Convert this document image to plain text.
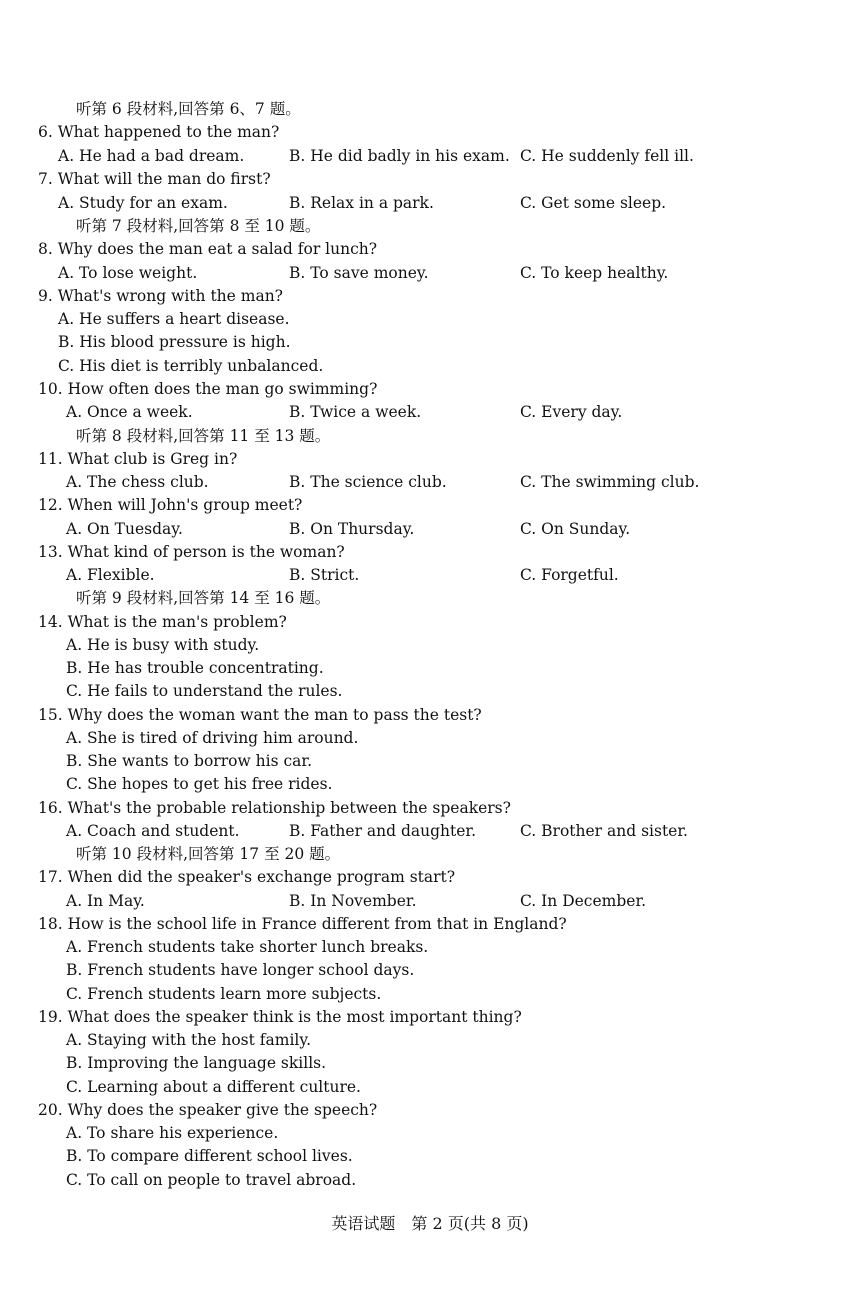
听第 6 段材料,回答第 6、7 题。
6. What happened to the man?
A. He had a bad dream.	B. He did badly in his exam. C. He suddenly fell ill.
7. What will the man do first?
A. Study for an exam.	B. Relax in a park.	C. Get some sleep.
听第 7 段材料,回答第 8 至 10 题。
8. Why does the man eat a salad for lunch?
A. To lose weight.	B. To save money.	C. To keep healthy.
9. What's wrong with the man?
A. He suffers a heart disease.
B. His blood pressure is high.
C. His diet is terribly unbalanced.
10. How often does the man go swimming?
A. Once a week.	B. Twice a week.	C. Every day.
听第 8 段材料,回答第 11 至 13 题。
11. What club is Greg in?
A. The chess club.	B. The science club.	C. The swimming club.
12. When will John's group meet?
A. On Tuesday.	B. On Thursday.	C. On Sunday.
13. What kind of person is the woman?
A. Flexible.	B. Strict.	C. Forgetful.
听第 9 段材料,回答第 14 至 16 题。
14. What is the man's problem?
A. He is busy with study.
B. He has trouble concentrating.
C. He fails to understand the rules.
15. Why does the woman want the man to pass the test?
A. She is tired of driving him around.
B. She wants to borrow his car.
C. She hopes to get his free rides.
16. What's the probable relationship between the speakers?
A. Coach and student.	B. Father and daughter.	C. Brother and sister.
听第 10 段材料,回答第 17 至 20 题。
17. When did the speaker's exchange program start?
A. In May.	B. In November.	C. In December.
18. How is the school life in France different from that in England?
A. French students take shorter lunch breaks.
B. French students have longer school days.
C. French students learn more subjects.
19. What does the speaker think is the most important thing?
A. Staying with the host family.
B. Improving the language skills.
C. Learning about a different culture.
20. Why does the speaker give the speech?
A. To share his experience.
B. To compare different school lives.
C. To call on people to travel abroad.
英语试题　第 2 页(共 8 页)
